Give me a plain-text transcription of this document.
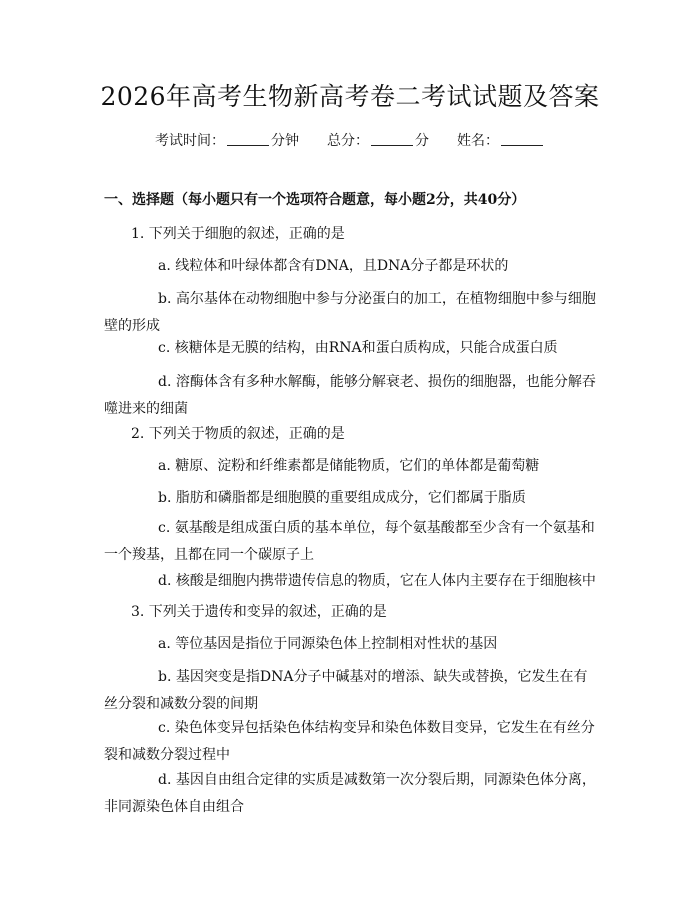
2026年高考生物新高考卷二考试试题及答案
考试时间：	分钟 总分：	分 姓名：
一、选择题（每小题只有一个选项符合题意，每小题2分，共40分）
1. 下列关于细胞的叙述，正确的是
a. 线粒体和叶绿体都含有DNA，且DNA分子都是环状的
b. 高尔基体在动物细胞中参与分泌蛋白的加工，在植物细胞中参与细胞壁的形成
c. 核糖体是无膜的结构，由RNA和蛋白质构成，只能合成蛋白质
d. 溶酶体含有多种水解酶，能够分解衰老、损伤的细胞器，也能分解吞噬进来的细菌
2. 下列关于物质的叙述，正确的是
a. 糖原、淀粉和纤维素都是储能物质，它们的单体都是葡萄糖
b. 脂肪和磷脂都是细胞膜的重要组成成分，它们都属于脂质
c. 氨基酸是组成蛋白质的基本单位，每个氨基酸都至少含有一个氨基和一个羧基，且都在同一个碳原子上
d. 核酸是细胞内携带遗传信息的物质，它在人体内主要存在于细胞核中
3. 下列关于遗传和变异的叙述，正确的是
a. 等位基因是指位于同源染色体上控制相对性状的基因
b. 基因突变是指DNA分子中碱基对的增添、缺失或替换，它发生在有丝分裂和减数分裂的间期
c. 染色体变异包括染色体结构变异和染色体数目变异，它发生在有丝分裂和减数分裂过程中
d. 基因自由组合定律的实质是减数第一次分裂后期，同源染色体分离，非同源染色体自由组合
